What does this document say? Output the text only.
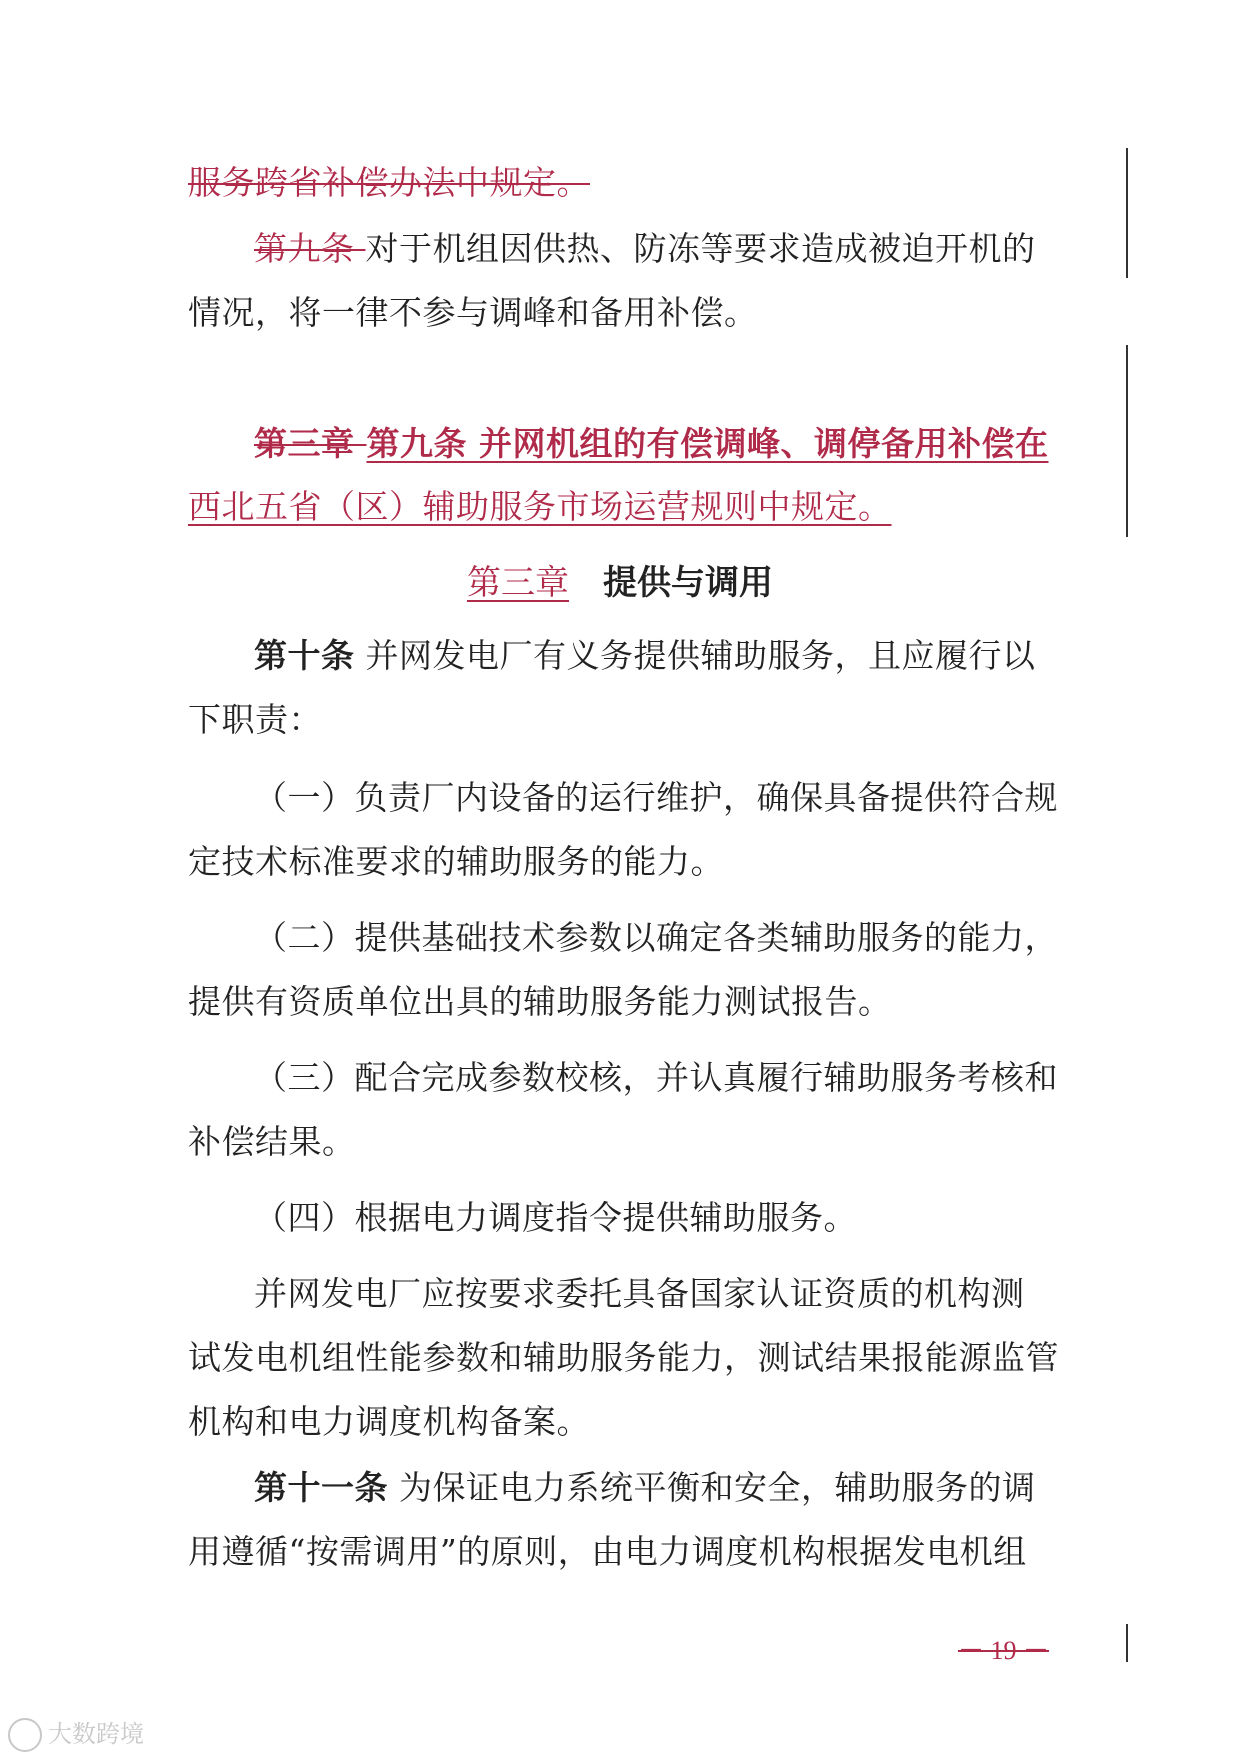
服务跨省补偿办法中规定。
第九条 对于机组因供热、防冻等要求造成被迫开机的
情况，将一律不参与调峰和备用补偿。
第三章 第九条 并网机组的有偿调峰、调停备用补偿在
西北五省（区）辅助服务市场运营规则中规定。
第三章 提供与调用
第十条 并网发电厂有义务提供辅助服务，且应履行以
下职责：
（一）负责厂内设备的运行维护，确保具备提供符合规
定技术标准要求的辅助服务的能力。
（二）提供基础技术参数以确定各类辅助服务的能力，
提供有资质单位出具的辅助服务能力测试报告。
（三）配合完成参数校核，并认真履行辅助服务考核和
补偿结果。
（四）根据电力调度指令提供辅助服务。
并网发电厂应按要求委托具备国家认证资质的机构测
试发电机组性能参数和辅助服务能力，测试结果报能源监管
机构和电力调度机构备案。
第十一条 为保证电力系统平衡和安全，辅助服务的调
用遵循“按需调用”的原则，由电力调度机构根据发电机组
－ 19 －
大数跨境
